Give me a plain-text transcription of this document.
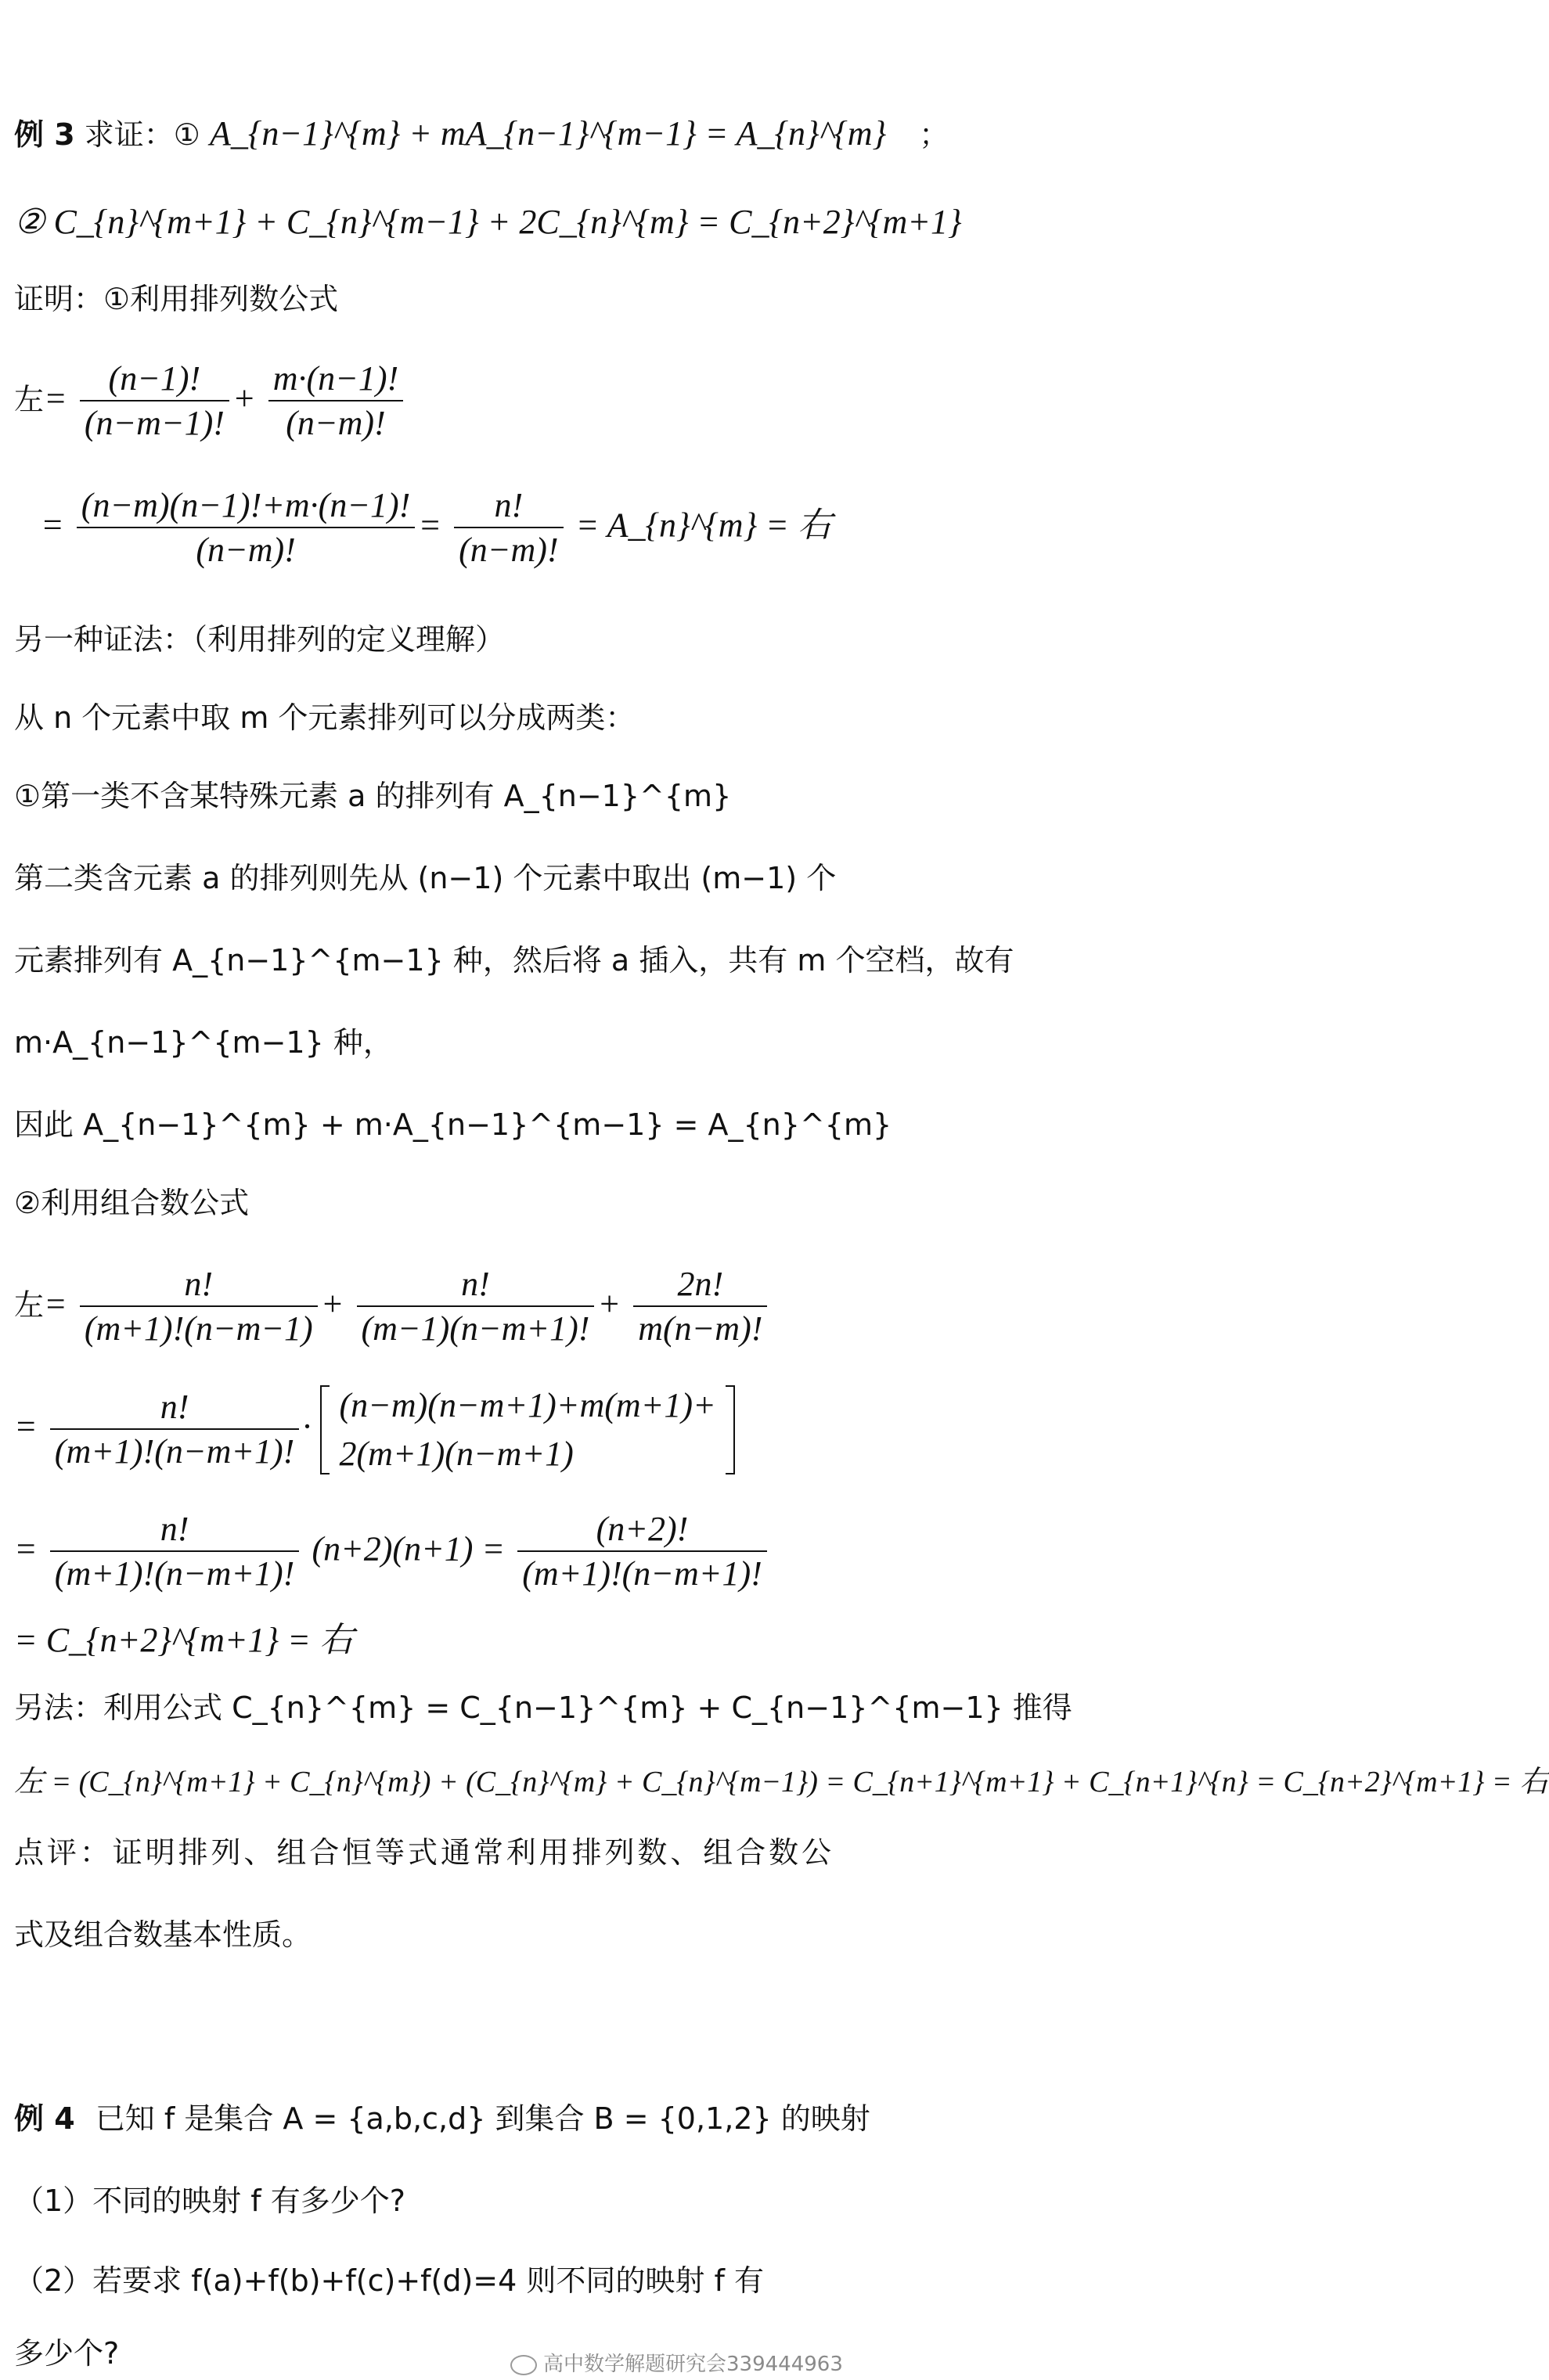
例 3 求证：① A_{n−1}^{m} + mA_{n−1}^{m−1} = A_{n}^{m} ；
② C_{n}^{m+1} + C_{n}^{m−1} + 2C_{n}^{m} = C_{n+2}^{m+1}
证明：①利用排列数公式
左= $\frac{(n-1)!}{(n-m-1)!} + \frac{m\cdot(n-1)!}{(n-m)!}$
= $\frac{(n-m)(n-1)!+m\cdot(n-1)!}{(n-m)!} = \frac{n!}{(n-m)!}$ = A_{n}^{m} = 右
另一种证法：（利用排列的定义理解）
从 n 个元素中取 m 个元素排列可以分成两类：
①第一类不含某特殊元素 a 的排列有 A_{n−1}^{m}
第二类含元素 a 的排列则先从 (n−1) 个元素中取出 (m−1) 个
元素排列有 A_{n−1}^{m−1} 种，然后将 a 插入，共有 m 个空档，故有
m·A_{n−1}^{m−1} 种，
因此 A_{n−1}^{m} + m·A_{n−1}^{m−1} = A_{n}^{m}
②利用组合数公式
左= $\frac{n!}{(m+1)!(n-m-1)} + \frac{n!}{(m-1)(n-m+1)!} + \frac{2n!}{m(n-m)!}$
= $\frac{n!}{(m+1)!(n-m+1)!}$ ·
(n−m)(n−m+1)+m(m+1)+
2(m+1)(n−m+1)

= $\frac{n!}{(m+1)!(n-m+1)!} (n+2)(n+1) = \frac{(n+2)!}{(m+1)!(n-m+1)!}$
= C_{n+2}^{m+1} = 右
另法：利用公式 C_{n}^{m} = C_{n−1}^{m} + C_{n−1}^{m−1} 推得
左 = (C_{n}^{m+1} + C_{n}^{m}) + (C_{n}^{m} + C_{n}^{m−1}) = C_{n+1}^{m+1} + C_{n+1}^{n} = C_{n+2}^{m+1} = 右
点评：证明排列、组合恒等式通常利用排列数、组合数公
式及组合数基本性质。
例 4 已知 f 是集合 A = {a,b,c,d} 到集合 B = {0,1,2} 的映射
（1）不同的映射 f 有多少个?
（2）若要求 f(a)+f(b)+f(c)+f(d)=4 则不同的映射 f 有
多少个?	高中数学解题研究会339444963
